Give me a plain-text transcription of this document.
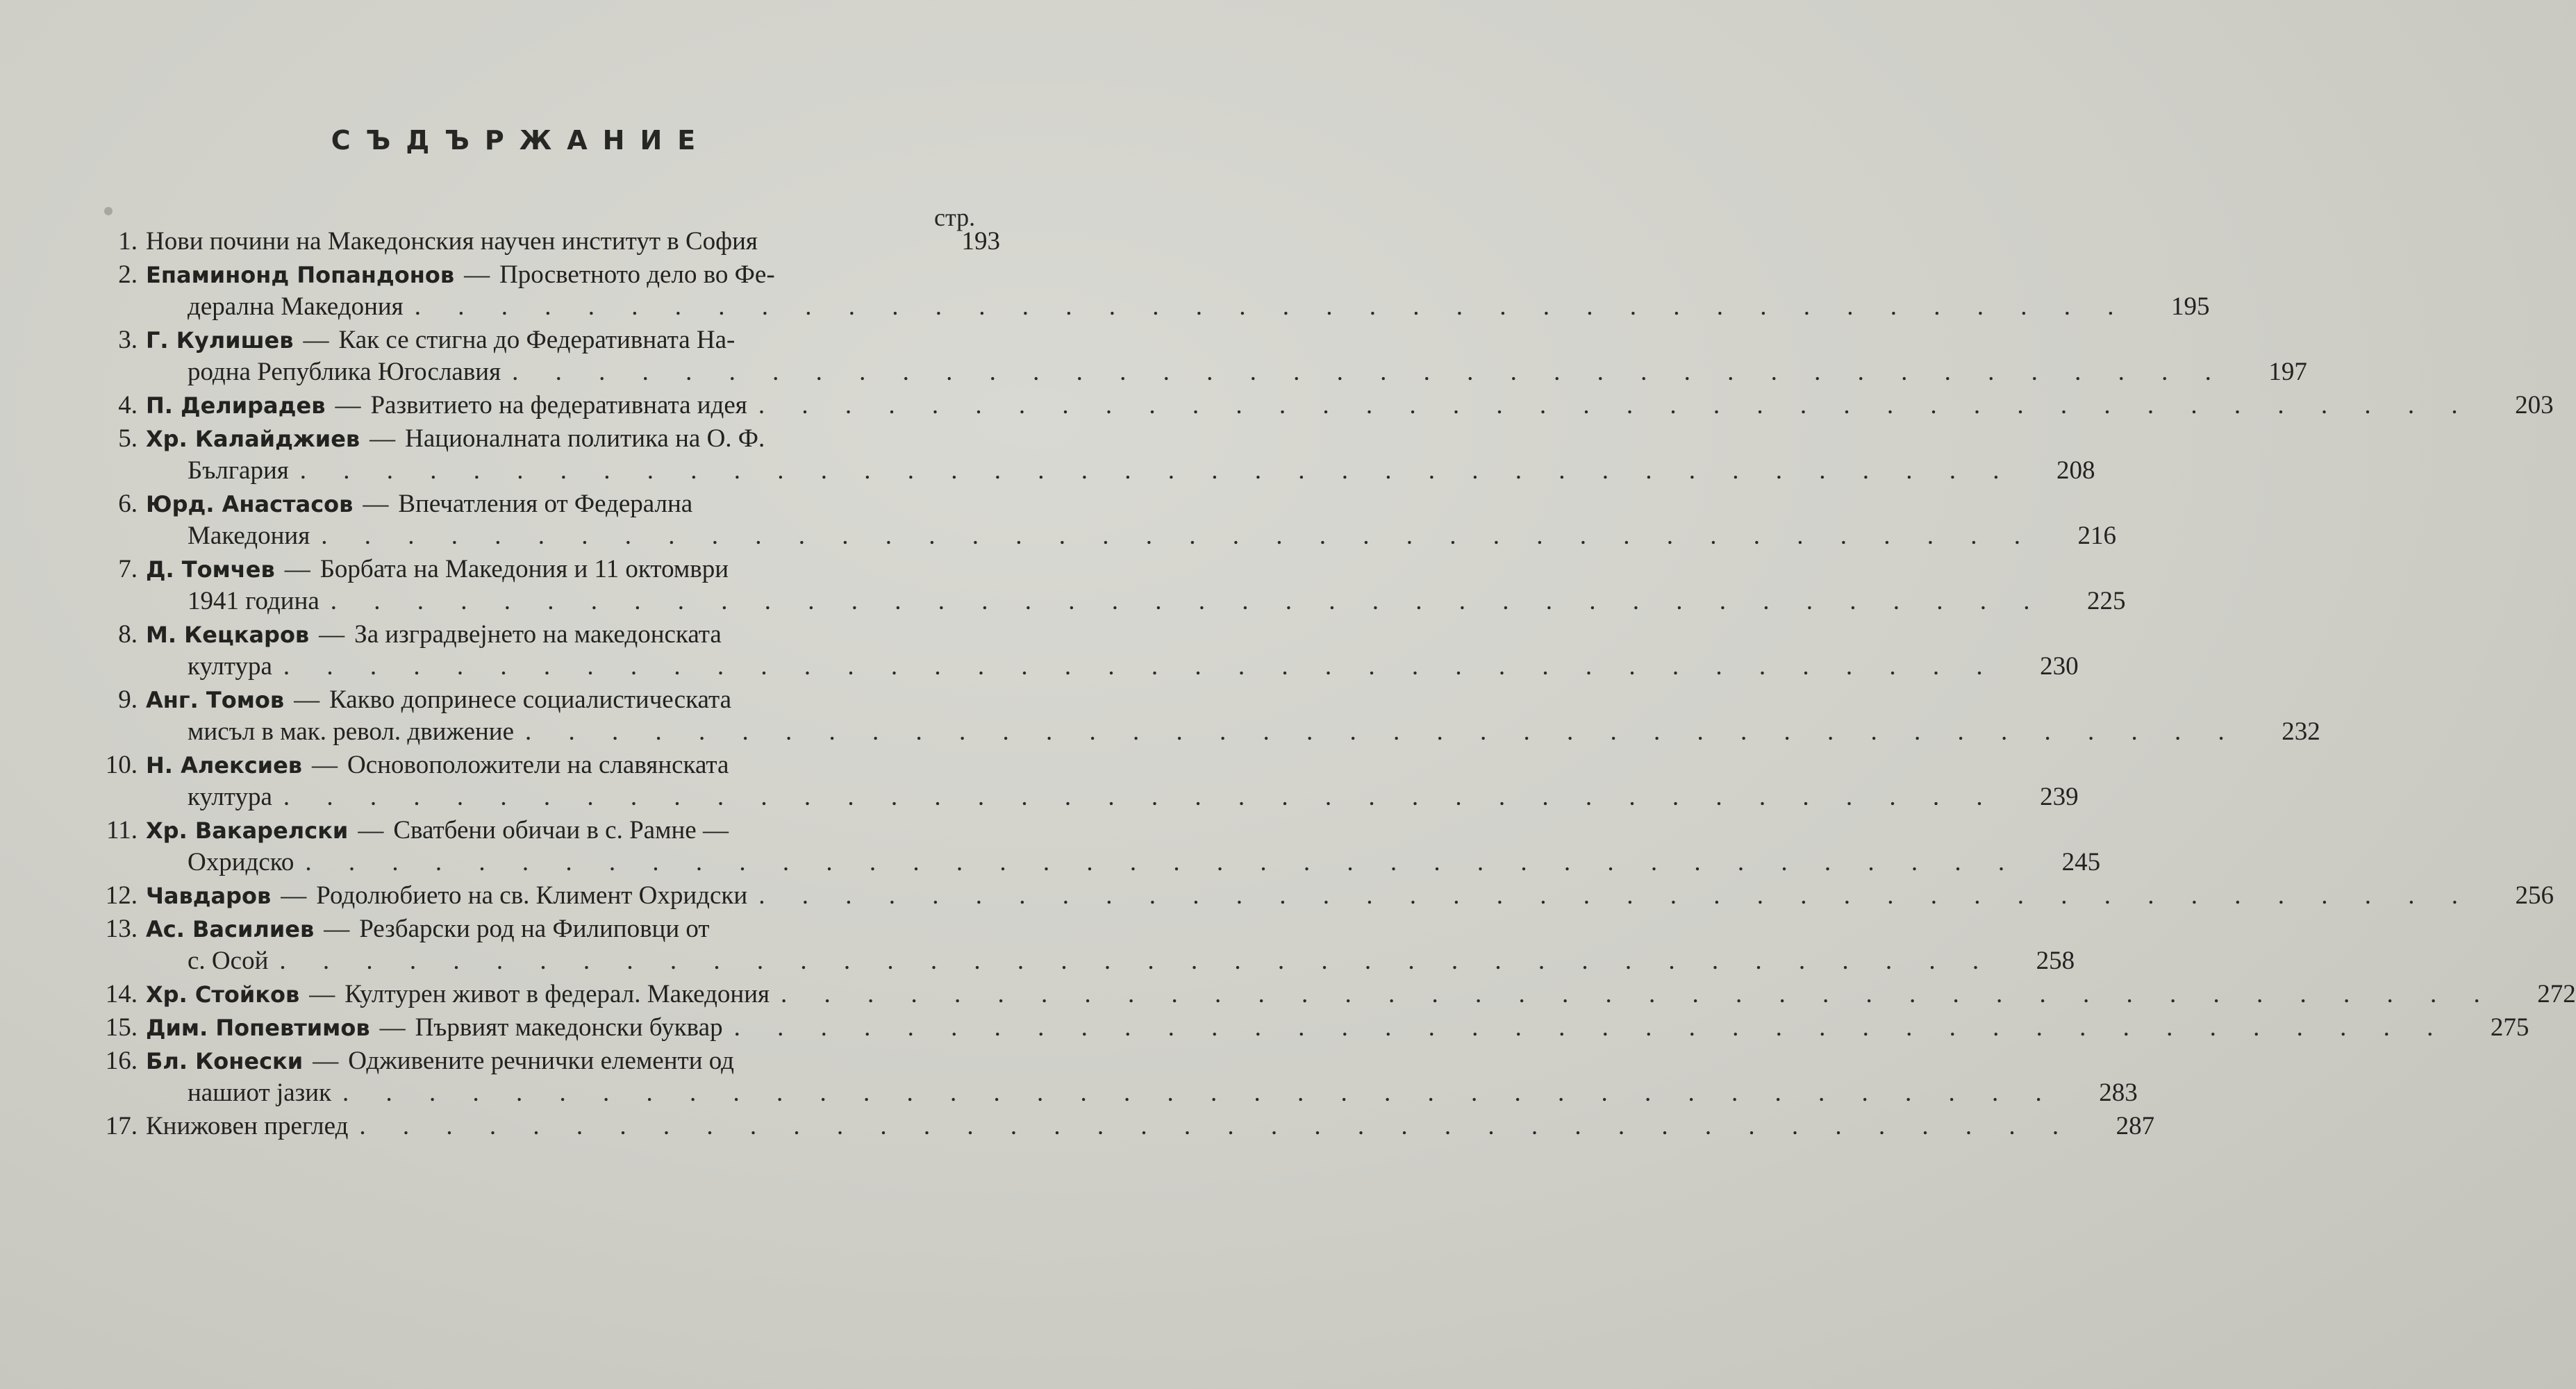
СЪДЪРЖАНИЕ
стр.
1. Нови почини на Македонския научен институт в София	193
2. Епаминонд Попандонов — Просветното дело во Фе-
дерална Македония . . . . . . . . . . . . . . . . . . . . . . . . . . . . . . . . . . . . . . . .	195
3. Г. Кулишев — Как се стигна до Федеративната На-
родна Република Югославия . . . . . . . . . . . . . . . . . . . . . . . . . . . . . . . . . . . . . . . .	197
4. П. Делирадев — Развитието на федеративната идея . . . . . . . . . . . . . . . . . . . . . . . . . . . . . . . . . . . . . . . .	203
5. Хр. Калайджиев — Националната политика на О. Ф.
България . . . . . . . . . . . . . . . . . . . . . . . . . . . . . . . . . . . . . . . .	208
6. Юрд. Анастасов — Впечатления от Федерална
Македония . . . . . . . . . . . . . . . . . . . . . . . . . . . . . . . . . . . . . . . .	216
7. Д. Томчев — Борбата на Македония и 11 октомври
1941 година . . . . . . . . . . . . . . . . . . . . . . . . . . . . . . . . . . . . . . . .	225
8. М. Кецкаров — За изградвејнето на македонската
култура . . . . . . . . . . . . . . . . . . . . . . . . . . . . . . . . . . . . . . . .	230
9. Анг. Томов — Какво допринесе социалистическата
мисъл в мак. револ. движение . . . . . . . . . . . . . . . . . . . . . . . . . . . . . . . . . . . . . . . .	232
10. Н. Алексиев — Основоположители на славянската
култура . . . . . . . . . . . . . . . . . . . . . . . . . . . . . . . . . . . . . . . .	239
11. Хр. Вакарелски — Сватбени обичаи в с. Рамне —
Охридско . . . . . . . . . . . . . . . . . . . . . . . . . . . . . . . . . . . . . . . .	245
12. Чавдаров — Родолюбието на св. Климент Охридски . . . . . . . . . . . . . . . . . . . . . . . . . . . . . . . . . . . . . . . .	256
13. Ас. Василиев — Резбарски род на Филиповци от
с. Осой . . . . . . . . . . . . . . . . . . . . . . . . . . . . . . . . . . . . . . . .	258
14. Хр. Стойков — Културен живот в федерал. Македония . . . . . . . . . . . . . . . . . . . . . . . . . . . . . . . . . . . . . . . .	272
15. Дим. Попевтимов — Първият македонски буквар . . . . . . . . . . . . . . . . . . . . . . . . . . . . . . . . . . . . . . . .	275
16. Бл. Конески — Одживените речнички елементи од
нашиот јазик . . . . . . . . . . . . . . . . . . . . . . . . . . . . . . . . . . . . . . . .	283
17. Книжовен преглед . . . . . . . . . . . . . . . . . . . . . . . . . . . . . . . . . . . . . . . .	287
